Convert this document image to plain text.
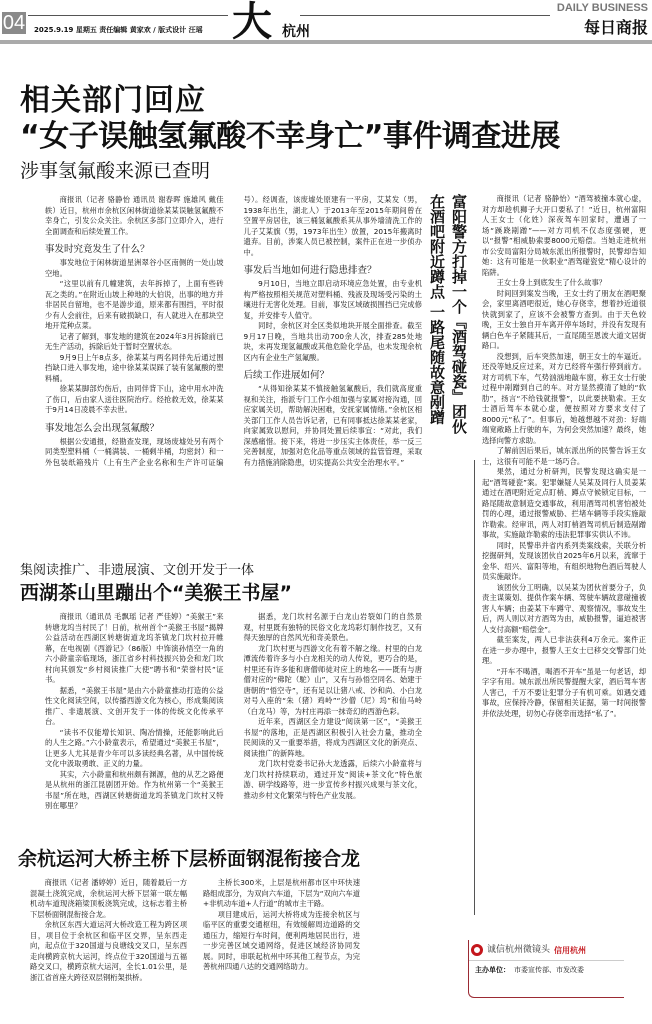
04 2025.9.19 星期五 责任编辑 黄家欢 / 版式设计 汪瑶 大 杭州
DAILY BUSINESS
每日商报
相关部门回应
“女子误触氢氟酸不幸身亡”事件调查进展
涉事氢氟酸来源已查明

商报讯（记者 骆静怡 通讯员 谢春晖 施雄风 戴佳轶）近日，杭州市余杭区闲林街道徐某某误触氢氟酸不幸身亡，引发公众关注。余杭区多部门立即介入，进行全面调查和后续处置工作。

事发时究竟发生了什么？

事发地位于闲林街道星洲翠谷小区南侧的一处山坡空地。

“这里以前有几幢建筑，去年拆掉了，上面有些砖瓦之类的。”在附近山坡上种地的大伯说，出事的地方并非居民自留地，也不是游步道，原来都有围挡，平时很少有人会前往，后来有破损缺口，有人就进入在那块空地开荒种点菜。

记者了解到，事发地的建筑在2024年3月拆除前已无生产活动，拆除后处于暂时空置状态。

9月9日上午8点多，徐某某与两名同伴先后通过围挡缺口进入事发地，途中徐某某误踩了装有氢氟酸的塑料桶。

徐某某脚部灼伤后，由同伴背下山，途中用水冲洗了伤口，后由家人送往医院治疗。经抢救无效，徐某某于9月14日凌晨不幸去世。

事发地怎么会出现氢氟酸？

根据公安通报，经勘查发现，现场废墟处另有两个同类型塑料桶（一桶满装、一桶剩半桶，均密封）和一外包装纸箱残片（上有生产企业名称和生产许可证编号）。经调查，该废墟处原建有一平房，艾某发（男，1938年出生，湖北人）于2013年至2015年期间曾在空置平房居住，该三桶氢氟酸系其从事外墙清洗工作的儿子艾某旗（男，1973年出生）放置，2015年搬离时遗弃。目前，涉案人员已被控制，案件正在进一步侦办中。

事发后当地如何进行隐患排查？

9月10日，当地立即启动环境应急处置，由专业机构严格按照相关规范对塑料桶、残液及现场受污染的土壤进行无害化处理。目前，事发区域破损围挡已完成修复，并安排专人值守。

同时，余杭区对全区类似地块开展全面排查。截至9月17日晚，当地共出动700余人次，排查285处地块，未再发现氢氟酸或其他危险化学品，也未发现余杭区内有企业生产氢氟酸。

后续工作进展如何？

“从得知徐某某不慎接触氢氟酸后，我们就高度重视和关注，指派专门工作小组加强与家属对接沟通，回应家属关切，帮助解决困难，安抚家属情绪。”余杭区相关部门工作人员告诉记者，已有同事抵达徐某某老家，向家属致以慰问，并协同处置后续事宜：“对此，我们深感痛惜。接下来，将进一步压实主体责任，举一反三完善制度，加强对危化品等重点领域的监管管理，采取有力措施消除隐患，切实提高公共安全治理水平。”

富阳警方打掉一个『酒驾碰瓷』团伙
在酒吧附近蹲点 一路尾随故意剐蹭	商报讯（记者 骆静怡）“酒驾被撞本就心虚，对方却趁机狮子大开口要私了！”近日，杭州富阳人王女士（化姓）深夜驾车回家时，遭遇了一场“蹊跷剐蹭”——对方司机不仅态度强硬，更以“报警”相威胁索要8000元赔偿。当她走进杭州市公安局富阳分局城东派出所报警时，民警却告知她：这有可能是一伙职业“酒驾碰瓷党”精心设计的陷阱。

王女士身上到底发生了什么故事？

时间回到案发当晚，王女士约了朋友在酒吧聚会，家里离酒吧很近，她心存侥幸，想着抄近道很快就到家了，应该不会被警方查到。由于天色较晚，王女士独自开车离开停车场时，并没有发现有辆白色车子紧随其后，一直尾随至恩波大道文居街路口。

没想到，后车突然加速，朝王女士的车逼近。还没等她反应过来，对方已经将车强行停到前方。对方司机下车，气势汹汹地敲车窗，称王女士行驶过程中剐蹭到自己的车。对方显然摸清了她的“软肋”，扬言“不给钱就报警”，以此要挟勒索。王女士酒后驾车本就心虚，便按照对方要求支付了8000元“私了”。但事后，她越想越不对劲：好端端宽敞路上行驶的车，为何会突然加速？最终，她选择向警方求助。

了解前因后果后，城东派出所的民警告诉王女士，这很有可能不是一场巧合。

果然，通过分析研判，民警发现这确实是一起“酒驾碰瓷”案。犯罪嫌疑人吴某及同行人员姜某通过在酒吧附近定点盯梢、蹲点守候锁定目标，一路尾随故意制造交通事故，利用酒驾司机害怕被处罚的心理，通过报警威胁、拦堵车辆等手段实施敲诈勒索。经审讯，两人对盯梢酒驾司机后制造剐蹭事故，实施敲诈勒索的违法犯罪事实供认不讳。

同时，民警串并省内系列类案线索，关联分析挖掘研判，发现该团伙自2025年6月以来，流窜于金华、绍兴、富阳等地，有组织地物色酒后驾驶人员实施敲诈。

该团伙分工明确，以吴某为团伙首要分子，负责主谋策划、提供作案车辆、驾驶车辆故意碰撞被害人车辆；由姜某下车蹲守、观察情况，事故发生后，两人则以对方酒驾为由，威胁报警，逼迫被害人支付高额“赔偿金”。

截至案发，两人已非法获利4万余元。案件正在进一步办理中，报警人王女士已移交交警部门处理。

“开车不喝酒，喝酒不开车”虽是一句老话，却字字有用。城东派出所民警提醒大家，酒后驾车害人害己，千万不要让犯罪分子有机可乘。如遇交通事故，应保持冷静，保留相关证据，第一时间报警并依法处理，切勿心存侥幸而选择“私了”。

集阅读推广、非遗展演、文创开发于一体
西湖茶山里蹦出个“美猴王书屋”

商报讯（通讯员 毛飘瑶 记者 严佳婷）“美猴王”来转塘龙坞当村民了！日前，杭州首个“美猴王书屋”揭牌公益活动在西湖区转塘街道龙坞茶镇龙门坎村拉开帷幕，在电视剧《西游记》（86版）中饰演孙悟空一角的六小龄童亲临现场，浙江省乡村科技振兴协会和龙门坎村向其颁发“乡村阅读推广大使”聘书和“荣誉村民”证书。

据悉，“美猴王书屋”是由六小龄童推动打造的公益性文化阅读空间，以传播西游文化为核心，形成集阅读推广、非遗展演、文创开发于一体的传统文化传承平台。

“读书不仅能增长知识、陶冶情操，还能影响此后的人生之路。”六小龄童表示，希望通过“美猴王书屋”，让更多人尤其是青少年可以多读经典名著，从中国传统文化中汲取勇敢、正义的力量。

其实，六小龄童和杭州颇有渊源，他的从艺之路便是从杭州的浙江昆剧团开始。作为杭州第一个“美猴王书屋”所在地，西湖区转塘街道龙坞茶镇龙门坎村又特别在哪里？

据悉，龙门坎村名源于白龙山岩裂如门的自然景观，村里既有独特的民俗文化龙坞彩灯制作技艺，又有得天独厚的自然风光和奇美景色。

龙门坎村更与西游文化有着不解之缘。村里的白龙潭流传着许多与小白龙相关的动人传说，更巧合的是，村里还有许多能和唐僧师徒对应上的地名——既有与唐僧对应的“佛陀（駝）山”，又有与孙悟空同名、始建于唐朝的“悟空寺”，还有足以让猪八戒、沙和尚、小白龙对号入座的“朱（猪）鸡岭”“沙僧（尼）坞”和仙马岭（白龙马）等，为村庄再添一抹奇幻的西游色彩。

近年来，西湖区全力建设“阅读第一区”，“美猴王书屋”的落地，正是西湖区积极引入社会力量，推动全民阅读的又一重要举措，将成为西湖区文化的新亮点、阅读推广的新阵地。

龙门坎村党委书记孙大龙透露，后续六小龄童将与龙门坎村持续联动，通过开发“阅读+茶文化”特色旅游、研学线路等，进一步宣传乡村振兴成果与茶文化，推动乡村文化繁荣与特色产业发展。

余杭运河大桥主桥下层桥面钢混衔接合龙

商报讯（记者 潘婷婷）近日，随着最后一方混凝土浇筑完成，余杭运河大桥下层第一联左幅机动车道现浇箱梁顶板浇筑完成，这标志着主桥下层桥面钢混衔接合龙。

余杭区东西大道运河大桥改造工程为跨区项目，项目位于余杭区和临平区交界，呈东西走向，起点位于320国道与良塘线交叉口，呈东西走向横跨京杭大运河，终点位于320国道与五福路交叉口，横跨京杭大运河，全长1.01公里，是浙江省首座大跨径双层钢桁架拱桥。

主桥长300米，上层是杭州都市区中环快速路组成部分，为双向六车道，下层为“双向六车道+非机动车道+人行道”的城市主干路。

项目建成后，运河大桥将成为连接余杭区与临平区的重要交通枢纽，有效缓解周边道路的交通压力，缩短行车时间，便利两地居民出行，进一步完善区域交通网络，促进区域经济协同发展。同时，串联起杭州中环其他工程节点，为完善杭州四通八达的交通网络助力。

诚信杭州微镜头 信用杭州
主办单位： 市委宣传部、市发改委
